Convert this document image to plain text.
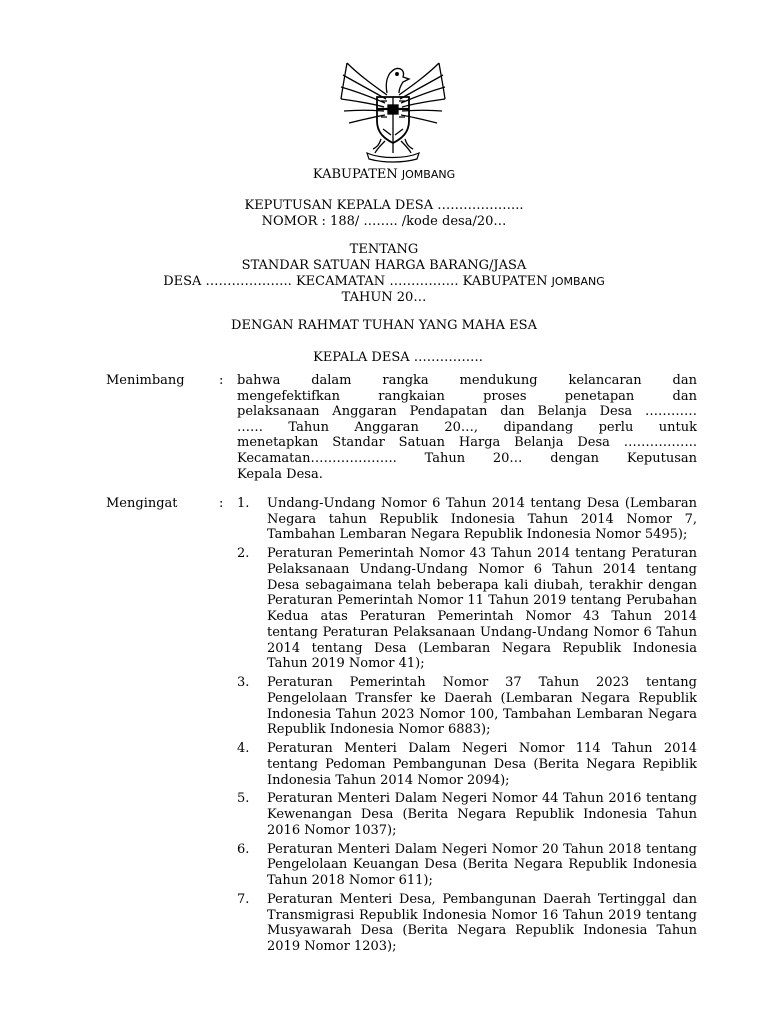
KABUPATEN JOMBANG
KEPUTUSAN KEPALA DESA ………………..
NOMOR : 188/ …….. /kode desa/20…
TENTANG
STANDAR SATUAN HARGA BARANG/JASA
DESA ……………….. KECAMATAN ……………. KABUPATEN JOMBANG
TAHUN 20…
DENGAN RAHMAT TUHAN YANG MAHA ESA
KEPALA DESA …………….
Menimbang	: bahwa dalam rangka mendukung kelancaran dan
mengefektifkan rangkaian proses penetapan dan
pelaksanaan Anggaran Pendapatan dan Belanja Desa …………
…… Tahun Anggaran 20…, dipandang perlu untuk
menetapkan Standar Satuan Harga Belanja Desa ……………..
Kecamatan……………….. Tahun 20… dengan Keputusan
Kepala Desa.
Mengingat	: 1. Undang-Undang Nomor 6 Tahun 2014 tentang Desa (Lembaran Negara tahun Republik Indonesia Tahun 2014 Nomor 7, Tambahan Lembaran Negara Republik Indonesia Nomor 5495);
2. Peraturan Pemerintah Nomor 43 Tahun 2014 tentang Peraturan Pelaksanaan Undang-Undang Nomor 6 Tahun 2014 tentang Desa sebagaimana telah beberapa kali diubah, terakhir dengan Peraturan Pemerintah Nomor 11 Tahun 2019 tentang Perubahan Kedua atas Peraturan Pemerintah Nomor 43 Tahun 2014 tentang Peraturan Pelaksanaan Undang-Undang Nomor 6 Tahun 2014 tentang Desa (Lembaran Negara Republik Indonesia Tahun 2019 Nomor 41);
3. Peraturan Pemerintah Nomor 37 Tahun 2023 tentang Pengelolaan Transfer ke Daerah (Lembaran Negara Republik Indonesia Tahun 2023 Nomor 100, Tambahan Lembaran Negara Republik Indonesia Nomor 6883);
4. Peraturan Menteri Dalam Negeri Nomor 114 Tahun 2014 tentang Pedoman Pembangunan Desa (Berita Negara Repiblik Indonesia Tahun 2014 Nomor 2094);
5. Peraturan Menteri Dalam Negeri Nomor 44 Tahun 2016 tentang Kewenangan Desa (Berita Negara Republik Indonesia Tahun 2016 Nomor 1037);
6. Peraturan Menteri Dalam Negeri Nomor 20 Tahun 2018 tentang Pengelolaan Keuangan Desa (Berita Negara Republik Indonesia Tahun 2018 Nomor 611);
7. Peraturan Menteri Desa, Pembangunan Daerah Tertinggal dan Transmigrasi Republik Indonesia Nomor 16 Tahun 2019 tentang Musyawarah Desa (Berita Negara Republik Indonesia Tahun 2019 Nomor 1203);
